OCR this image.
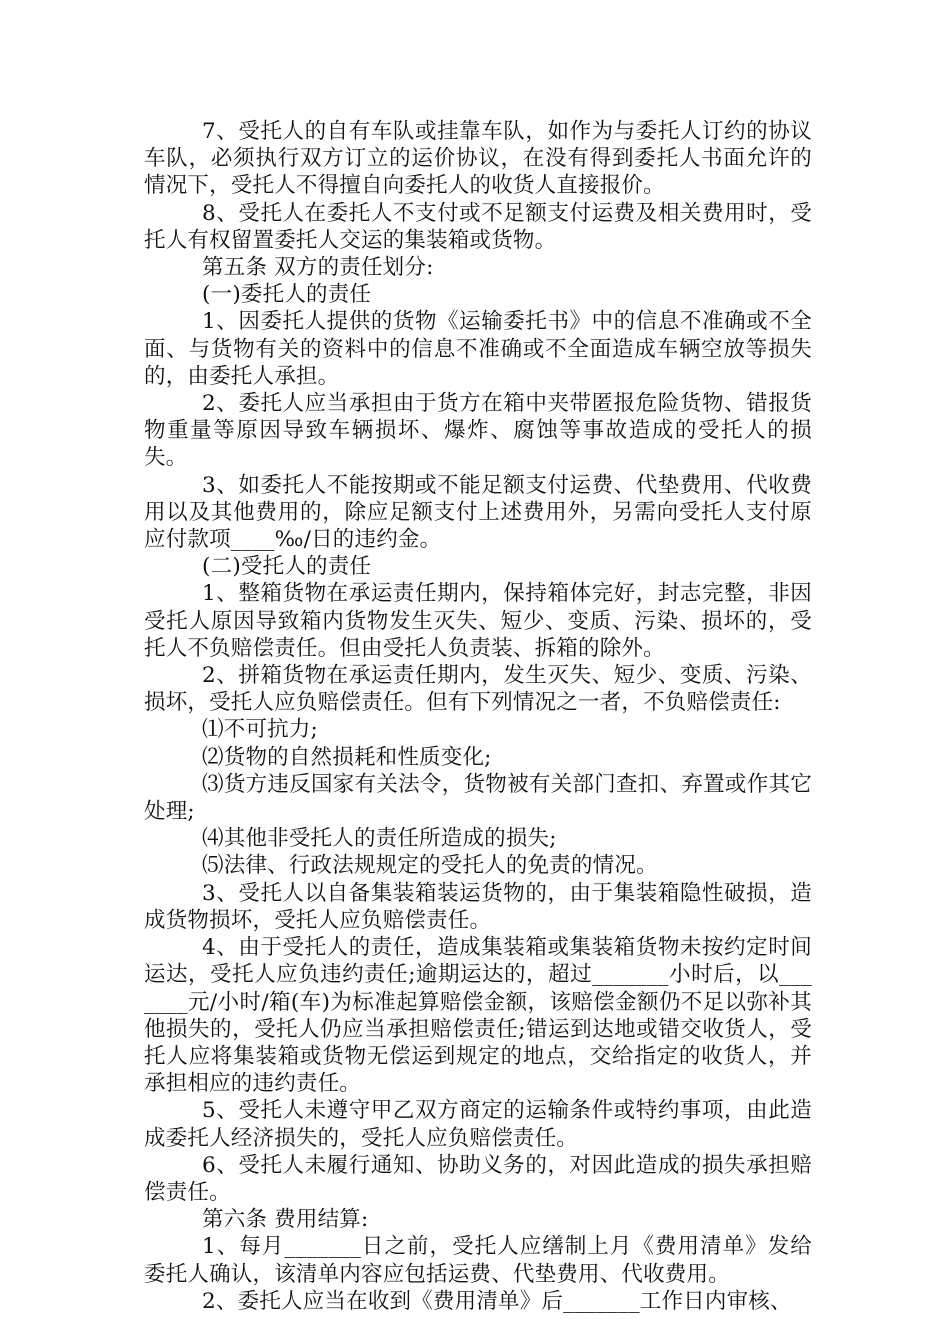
7、受托人的自有车队或挂靠车队，如作为与委托人订约的协议车队，必须执行双方订立的运价协议，在没有得到委托人书面允许的情况下，受托人不得擅自向委托人的收货人直接报价。

8、受托人在委托人不支付或不足额支付运费及相关费用时，受托人有权留置委托人交运的集装箱或货物。

第五条 双方的责任划分:

(一)委托人的责任

1、因委托人提供的货物《运输委托书》中的信息不准确或不全面、与货物有关的资料中的信息不准确或不全面造成车辆空放等损失的，由委托人承担。

2、委托人应当承担由于货方在箱中夹带匿报危险货物、错报货物重量等原因导致车辆损坏、爆炸、腐蚀等事故造成的受托人的损失。

3、如委托人不能按期或不能足额支付运费、代垫费用、代收费用以及其他费用的，除应足额支付上述费用外，另需向受托人支付原应付款项____‰/日的违约金。

(二)受托人的责任

1、整箱货物在承运责任期内，保持箱体完好，封志完整，非因受托人原因导致箱内货物发生灭失、短少、变质、污染、损坏的，受托人不负赔偿责任。但由受托人负责装、拆箱的除外。

2、拼箱货物在承运责任期内，发生灭失、短少、变质、污染、损坏，受托人应负赔偿责任。但有下列情况之一者，不负赔偿责任:

⑴不可抗力;

⑵货物的自然损耗和性质变化;

⑶货方违反国家有关法令，货物被有关部门查扣、弃置或作其它处理;

⑷其他非受托人的责任所造成的损失;

⑸法律、行政法规规定的受托人的免责的情况。

3、受托人以自备集装箱装运货物的，由于集装箱隐性破损，造成货物损坏，受托人应负赔偿责任。

4、由于受托人的责任，造成集装箱或集装箱货物未按约定时间运达，受托人应负违约责任;逾期运达的，超过_______小时后，以_______元/小时/箱(车)为标准起算赔偿金额，该赔偿金额仍不足以弥补其他损失的，受托人仍应当承担赔偿责任;错运到达地或错交收货人，受托人应将集装箱或货物无偿运到规定的地点，交给指定的收货人，并承担相应的违约责任。

5、受托人未遵守甲乙双方商定的运输条件或特约事项，由此造成委托人经济损失的，受托人应负赔偿责任。

6、受托人未履行通知、协助义务的，对因此造成的损失承担赔偿责任。

第六条 费用结算:

1、每月_______日之前，受托人应缮制上月《费用清单》发给委托人确认，该清单内容应包括运费、代垫费用、代收费用。

2、委托人应当在收到《费用清单》后_______工作日内审核、
